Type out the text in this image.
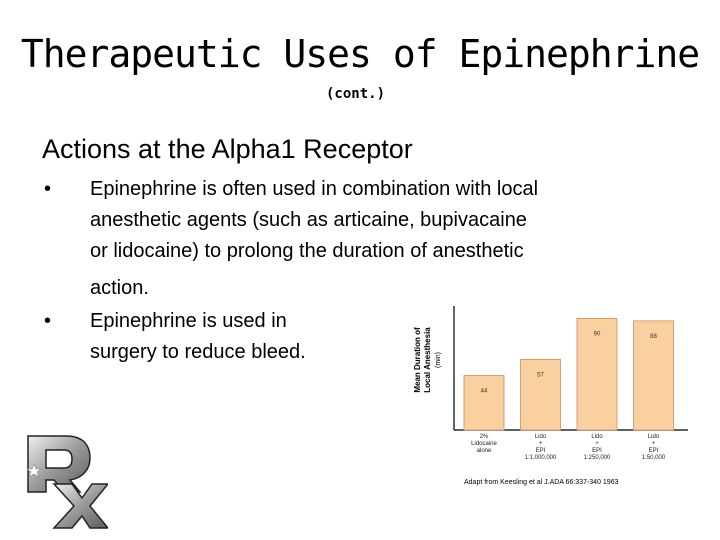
Therapeutic Uses of Epinephrine
(cont.)
Actions at the Alpha1 Receptor
• Epinephrine is often used in combination with local
anesthetic agents (such as articaine, bupivacaine
or lidocaine) to prolong the duration of anesthetic
action.
• Epinephrine is used in
surgery to reduce bleed.	Mean Duration of Local Anesthesia (min)
44
57
90	88
2%
Lidocaine
alone
Lido
+
EPI
1:1,000,000
Lido
+
EPI
1:250,000
Lido
+
EPI
1:50,000
Adapt from Keesling et al J.ADA 66:337-340 1963
